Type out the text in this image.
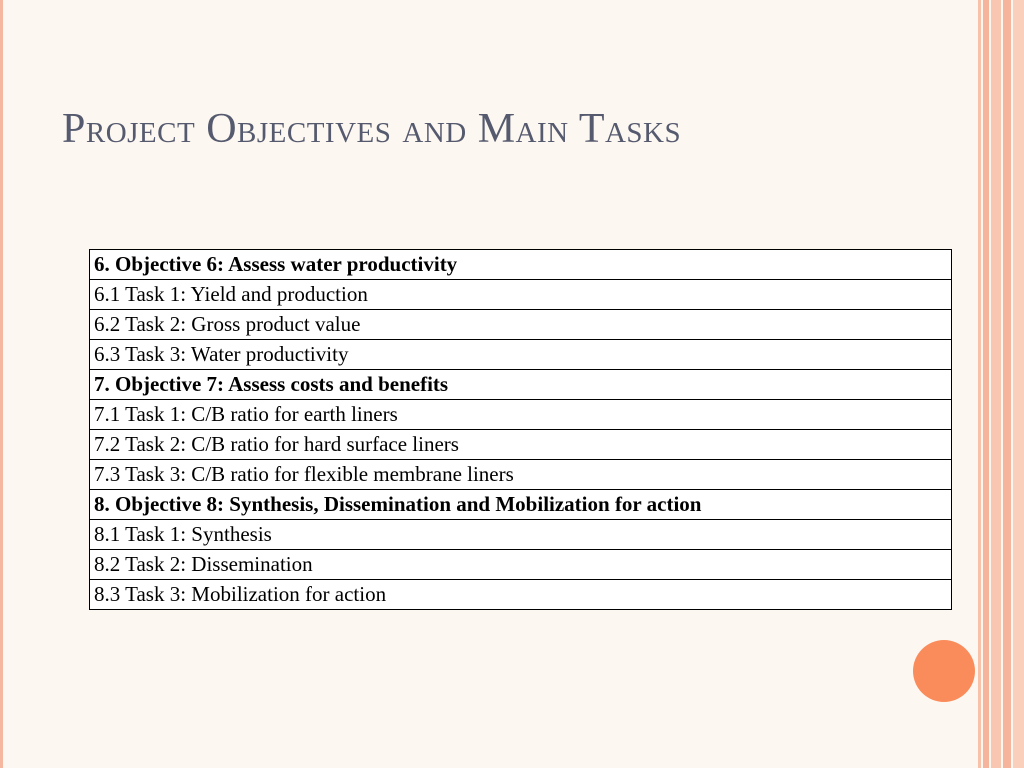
Project Objectives and Main Tasks
6. Objective 6: Assess water productivity
6.1 Task 1: Yield and production
6.2 Task 2: Gross product value
6.3 Task 3: Water productivity
7. Objective 7: Assess costs and benefits
7.1 Task 1: C/B ratio for earth liners
7.2 Task 2: C/B ratio for hard surface liners
7.3 Task 3: C/B ratio for flexible membrane liners
8. Objective 8: Synthesis, Dissemination and Mobilization for action
8.1 Task 1: Synthesis
8.2 Task 2: Dissemination
8.3 Task 3: Mobilization for action
